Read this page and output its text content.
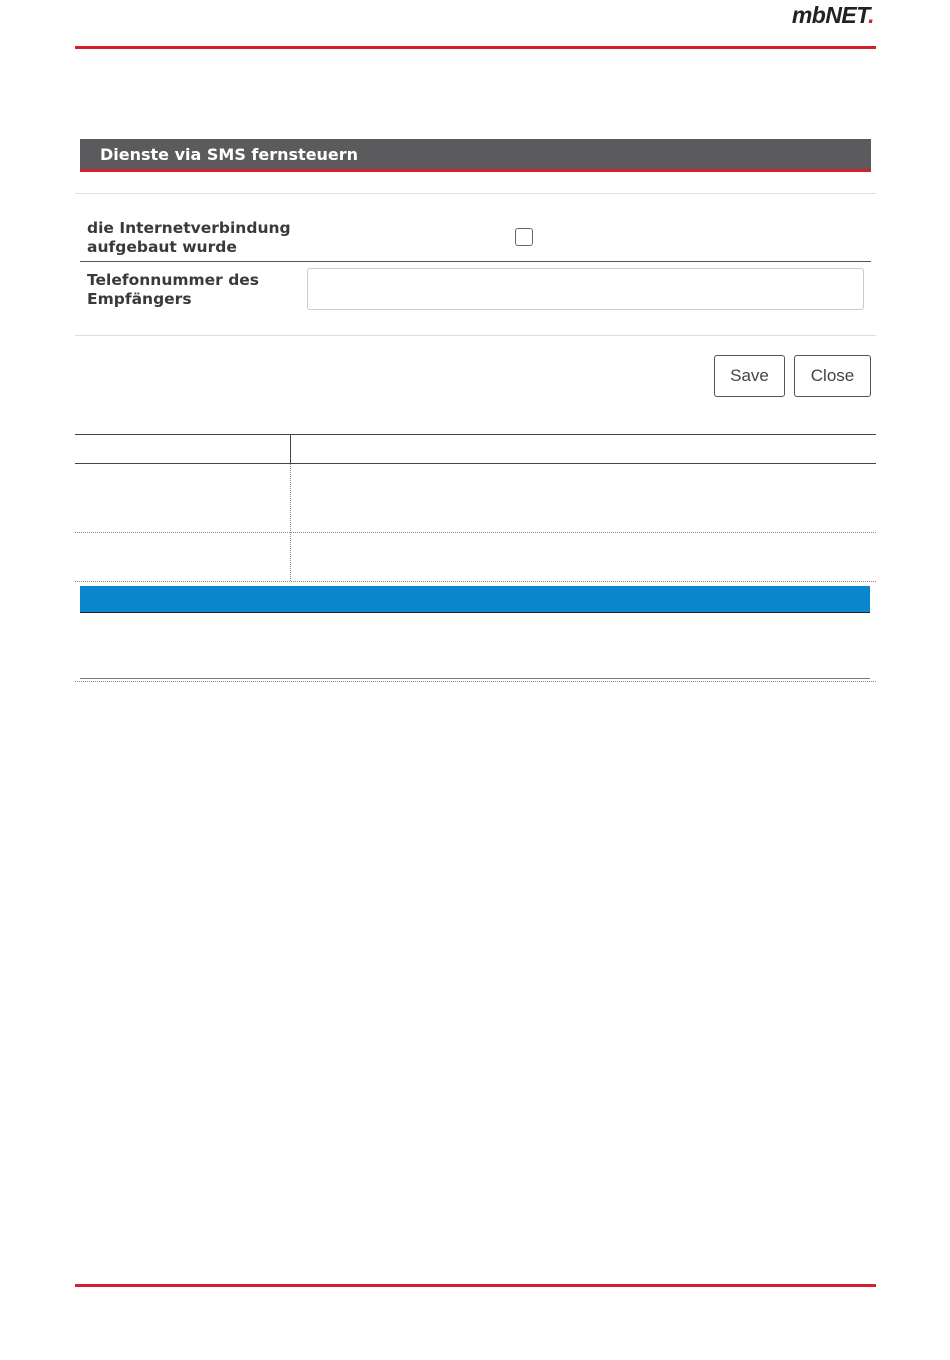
mbNET.
Dienste via SMS fernsteuern
die Internetverbindung
aufgebaut wurde
Telefonnummer des
Empfängers
Save	Close
